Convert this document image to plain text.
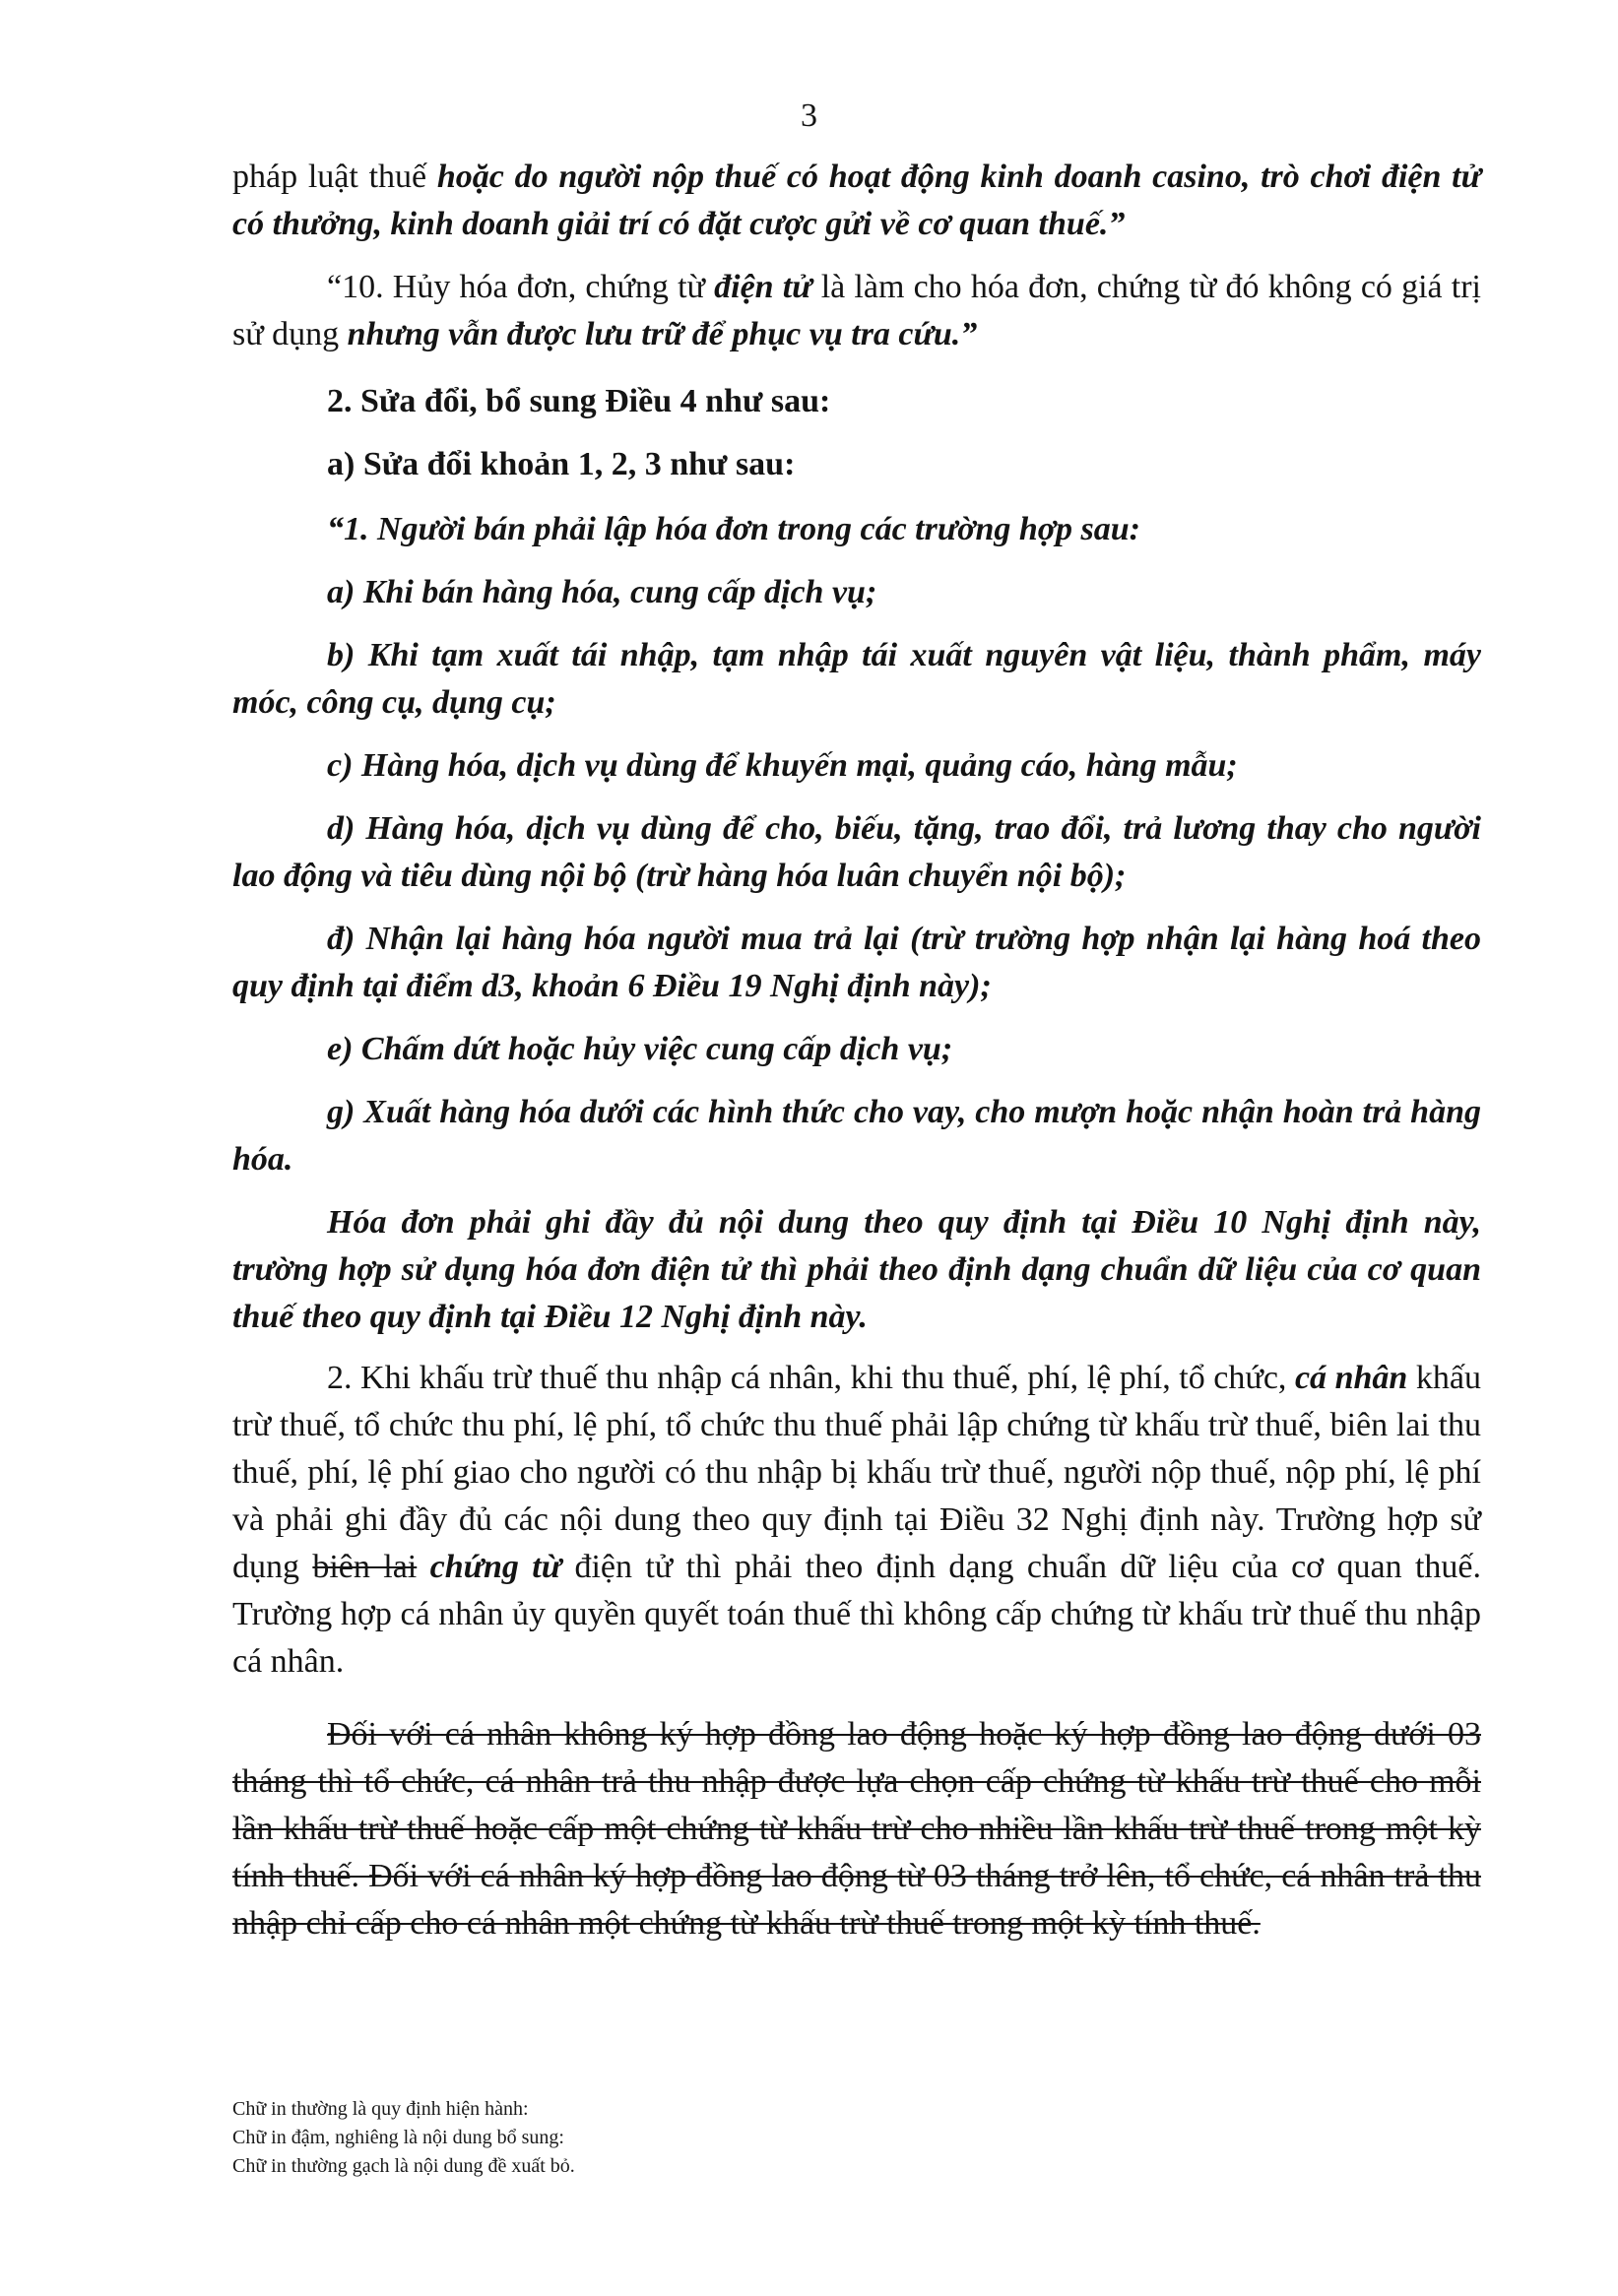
3

pháp luật thuế hoặc do người nộp thuế có hoạt động kinh doanh casino, trò chơi điện tử có thưởng, kinh doanh giải trí có đặt cược gửi về cơ quan thuế.”

“10. Hủy hóa đơn, chứng từ điện tử là làm cho hóa đơn, chứng từ đó không có giá trị sử dụng nhưng vẫn được lưu trữ để phục vụ tra cứu.”

2. Sửa đổi, bổ sung Điều 4 như sau:

a) Sửa đổi khoản 1, 2, 3 như sau:

“1. Người bán phải lập hóa đơn trong các trường hợp sau:

a) Khi bán hàng hóa, cung cấp dịch vụ;

b) Khi tạm xuất tái nhập, tạm nhập tái xuất nguyên vật liệu, thành phẩm, máy móc, công cụ, dụng cụ;

c) Hàng hóa, dịch vụ dùng để khuyến mại, quảng cáo, hàng mẫu;

d) Hàng hóa, dịch vụ dùng để cho, biếu, tặng, trao đổi, trả lương thay cho người lao động và tiêu dùng nội bộ (trừ hàng hóa luân chuyển nội bộ);

đ) Nhận lại hàng hóa người mua trả lại (trừ trường hợp nhận lại hàng hoá theo quy định tại điểm d3, khoản 6 Điều 19 Nghị định này);

e) Chấm dứt hoặc hủy việc cung cấp dịch vụ;

g) Xuất hàng hóa dưới các hình thức cho vay, cho mượn hoặc nhận hoàn trả hàng hóa.

Hóa đơn phải ghi đầy đủ nội dung theo quy định tại Điều 10 Nghị định này, trường hợp sử dụng hóa đơn điện tử thì phải theo định dạng chuẩn dữ liệu của cơ quan thuế theo quy định tại Điều 12 Nghị định này.

2. Khi khấu trừ thuế thu nhập cá nhân, khi thu thuế, phí, lệ phí, tổ chức, cá nhân khấu trừ thuế, tổ chức thu phí, lệ phí, tổ chức thu thuế phải lập chứng từ khấu trừ thuế, biên lai thu thuế, phí, lệ phí giao cho người có thu nhập bị khấu trừ thuế, người nộp thuế, nộp phí, lệ phí và phải ghi đầy đủ các nội dung theo quy định tại Điều 32 Nghị định này. Trường hợp sử dụng biên lai chứng từ điện tử thì phải theo định dạng chuẩn dữ liệu của cơ quan thuế. Trường hợp cá nhân ủy quyền quyết toán thuế thì không cấp chứng từ khấu trừ thuế thu nhập cá nhân.

Đối với cá nhân không ký hợp đồng lao động hoặc ký hợp đồng lao động dưới 03 tháng thì tổ chức, cá nhân trả thu nhập được lựa chọn cấp chứng từ khấu trừ thuế cho mỗi lần khấu trừ thuế hoặc cấp một chứng từ khấu trừ cho nhiều lần khấu trừ thuế trong một kỳ tính thuế. Đối với cá nhân ký hợp đồng lao động từ 03 tháng trở lên, tổ chức, cá nhân trả thu nhập chỉ cấp cho cá nhân một chứng từ khấu trừ thuế trong một kỳ tính thuế.

Chữ in thường là quy định hiện hành:
Chữ in đậm, nghiêng là nội dung bổ sung:
Chữ in thường gạch là nội dung đề xuất bỏ.
